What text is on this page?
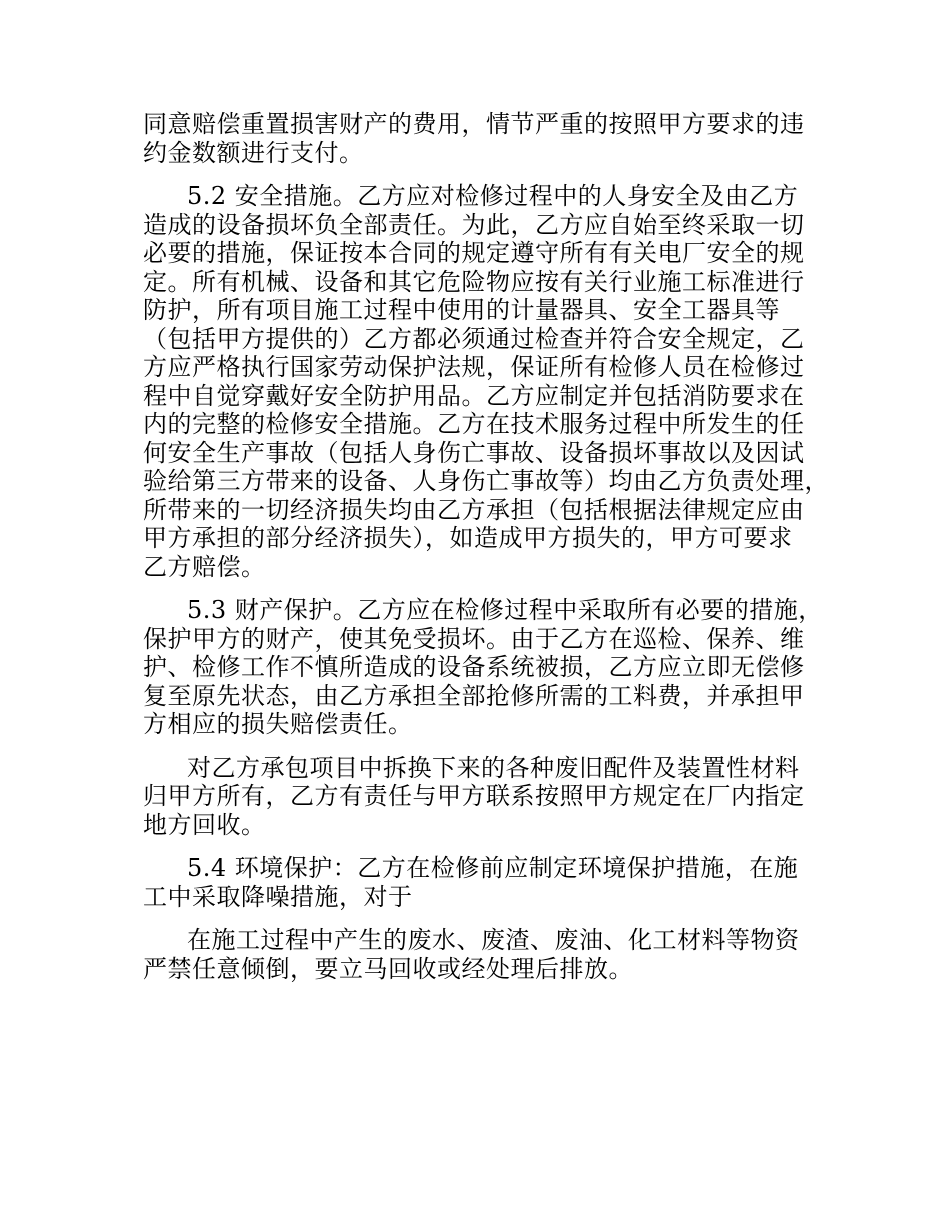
同意赔偿重置损害财产的费用，情节严重的按照甲方要求的违
约金数额进行支付。

5.2 安全措施。乙方应对检修过程中的人身安全及由乙方
造成的设备损坏负全部责任。为此，乙方应自始至终采取一切
必要的措施，保证按本合同的规定遵守所有有关电厂安全的规
定。所有机械、设备和其它危险物应按有关行业施工标准进行
防护，所有项目施工过程中使用的计量器具、安全工器具等
（包括甲方提供的）乙方都必须通过检查并符合安全规定，乙
方应严格执行国家劳动保护法规，保证所有检修人员在检修过
程中自觉穿戴好安全防护用品。乙方应制定并包括消防要求在
内的完整的检修安全措施。乙方在技术服务过程中所发生的任
何安全生产事故（包括人身伤亡事故、设备损坏事故以及因试
验给第三方带来的设备、人身伤亡事故等）均由乙方负责处理，
所带来的一切经济损失均由乙方承担（包括根据法律规定应由
甲方承担的部分经济损失），如造成甲方损失的，甲方可要求
乙方赔偿。

5.3 财产保护。乙方应在检修过程中采取所有必要的措施，
保护甲方的财产，使其免受损坏。由于乙方在巡检、保养、维
护、检修工作不慎所造成的设备系统被损，乙方应立即无偿修
复至原先状态，由乙方承担全部抢修所需的工料费，并承担甲
方相应的损失赔偿责任。

对乙方承包项目中拆换下来的各种废旧配件及装置性材料
归甲方所有，乙方有责任与甲方联系按照甲方规定在厂内指定
地方回收。

5.4 环境保护：乙方在检修前应制定环境保护措施，在施
工中采取降噪措施，对于

在施工过程中产生的废水、废渣、废油、化工材料等物资
严禁任意倾倒，要立马回收或经处理后排放。
